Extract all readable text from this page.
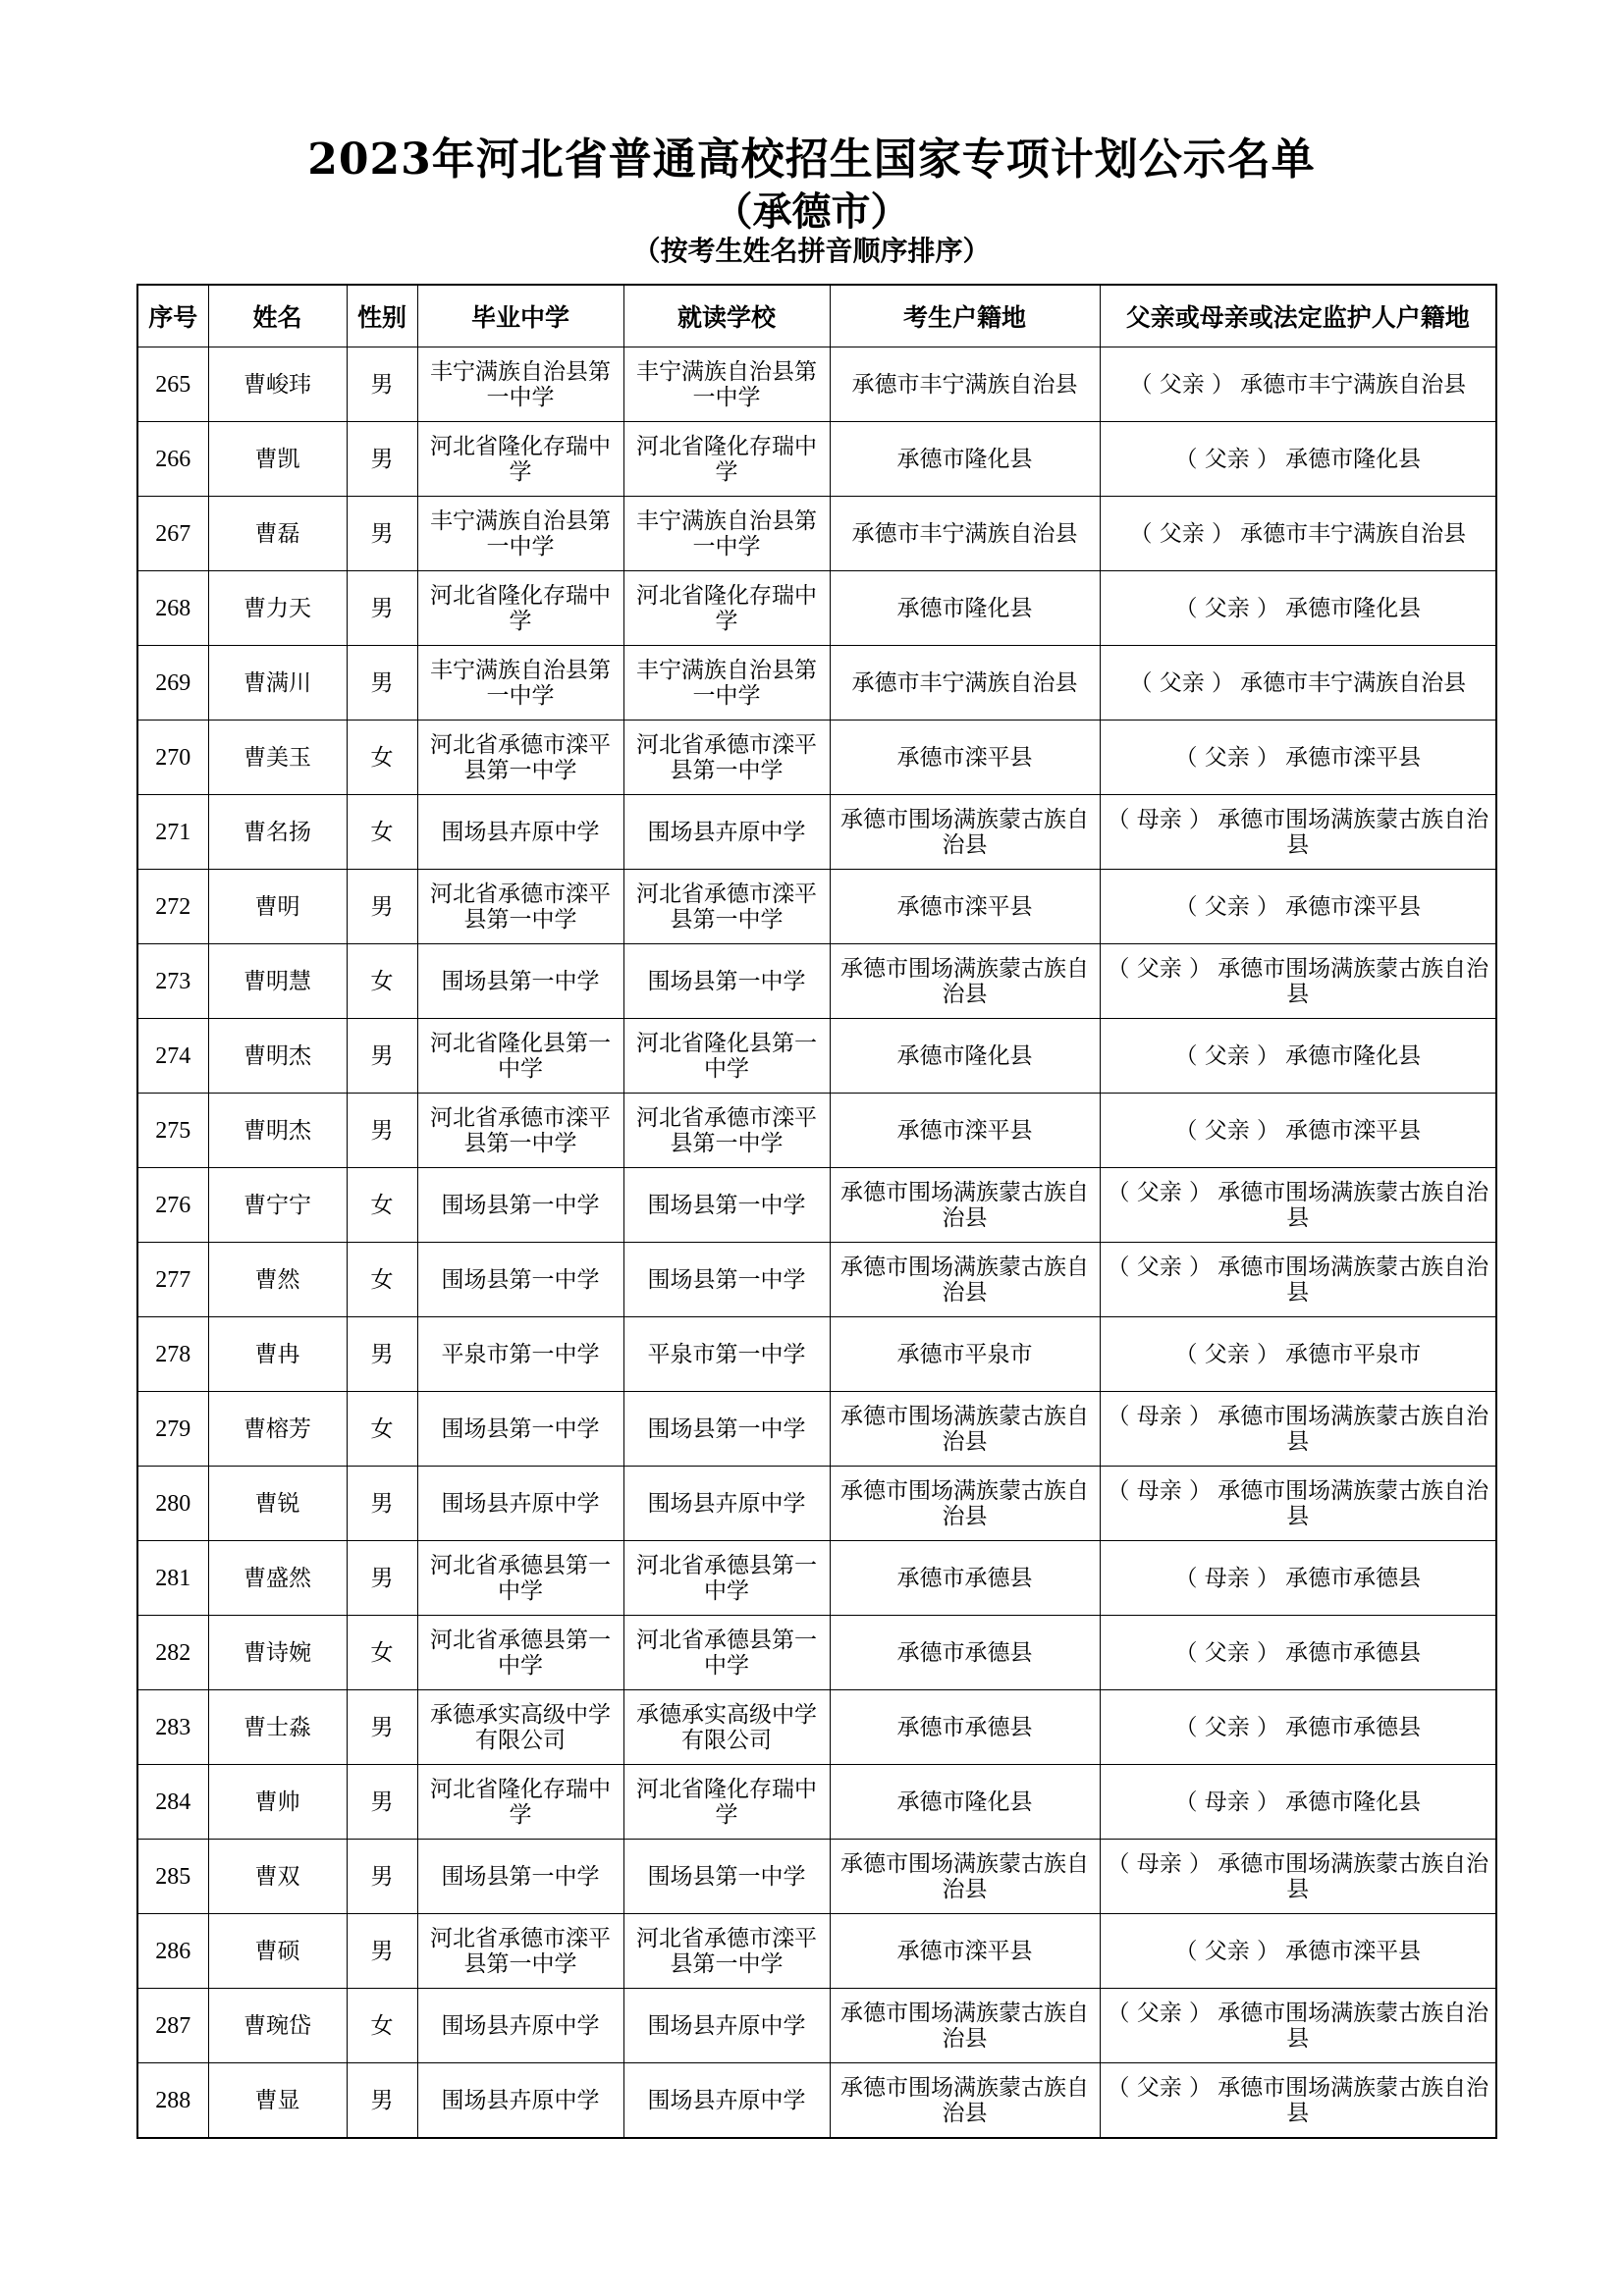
2023年河北省普通高校招生国家专项计划公示名单
（承德市）
（按考生姓名拼音顺序排序）
序号	姓名	性别	毕业中学	就读学校	考生户籍地	父亲或母亲或法定监护人户籍地
265	曹峻玮	男	丰宁满族自治县第一中学	丰宁满族自治县第一中学	承德市丰宁满族自治县	（ 父亲 ） 承德市丰宁满族自治县
266	曹凯	男	河北省隆化存瑞中学	河北省隆化存瑞中学	承德市隆化县	（ 父亲 ） 承德市隆化县
267	曹磊	男	丰宁满族自治县第一中学	丰宁满族自治县第一中学	承德市丰宁满族自治县	（ 父亲 ） 承德市丰宁满族自治县
268	曹力天	男	河北省隆化存瑞中学	河北省隆化存瑞中学	承德市隆化县	（ 父亲 ） 承德市隆化县
269	曹满川	男	丰宁满族自治县第一中学	丰宁满族自治县第一中学	承德市丰宁满族自治县	（ 父亲 ） 承德市丰宁满族自治县
270	曹美玉	女	河北省承德市滦平县第一中学	河北省承德市滦平县第一中学	承德市滦平县	（ 父亲 ） 承德市滦平县
271	曹名扬	女	围场县卉原中学	围场县卉原中学	承德市围场满族蒙古族自治县	（ 母亲 ） 承德市围场满族蒙古族自治县
272	曹明	男	河北省承德市滦平县第一中学	河北省承德市滦平县第一中学	承德市滦平县	（ 父亲 ） 承德市滦平县
273	曹明慧	女	围场县第一中学	围场县第一中学	承德市围场满族蒙古族自治县	（ 父亲 ） 承德市围场满族蒙古族自治县
274	曹明杰	男	河北省隆化县第一中学	河北省隆化县第一中学	承德市隆化县	（ 父亲 ） 承德市隆化县
275	曹明杰	男	河北省承德市滦平县第一中学	河北省承德市滦平县第一中学	承德市滦平县	（ 父亲 ） 承德市滦平县
276	曹宁宁	女	围场县第一中学	围场县第一中学	承德市围场满族蒙古族自治县	（ 父亲 ） 承德市围场满族蒙古族自治县
277	曹然	女	围场县第一中学	围场县第一中学	承德市围场满族蒙古族自治县	（ 父亲 ） 承德市围场满族蒙古族自治县
278	曹冉	男	平泉市第一中学	平泉市第一中学	承德市平泉市	（ 父亲 ） 承德市平泉市
279	曹榕芳	女	围场县第一中学	围场县第一中学	承德市围场满族蒙古族自治县	（ 母亲 ） 承德市围场满族蒙古族自治县
280	曹锐	男	围场县卉原中学	围场县卉原中学	承德市围场满族蒙古族自治县	（ 母亲 ） 承德市围场满族蒙古族自治县
281	曹盛然	男	河北省承德县第一中学	河北省承德县第一中学	承德市承德县	（ 母亲 ） 承德市承德县
282	曹诗婉	女	河北省承德县第一中学	河北省承德县第一中学	承德市承德县	（ 父亲 ） 承德市承德县
283	曹士淼	男	承德承实高级中学有限公司	承德承实高级中学有限公司	承德市承德县	（ 父亲 ） 承德市承德县
284	曹帅	男	河北省隆化存瑞中学	河北省隆化存瑞中学	承德市隆化县	（ 母亲 ） 承德市隆化县
285	曹双	男	围场县第一中学	围场县第一中学	承德市围场满族蒙古族自治县	（ 母亲 ） 承德市围场满族蒙古族自治县
286	曹硕	男	河北省承德市滦平县第一中学	河北省承德市滦平县第一中学	承德市滦平县	（ 父亲 ） 承德市滦平县
287	曹琬岱	女	围场县卉原中学	围场县卉原中学	承德市围场满族蒙古族自治县	（ 父亲 ） 承德市围场满族蒙古族自治县
288	曹显	男	围场县卉原中学	围场县卉原中学	承德市围场满族蒙古族自治县	（ 父亲 ） 承德市围场满族蒙古族自治县
